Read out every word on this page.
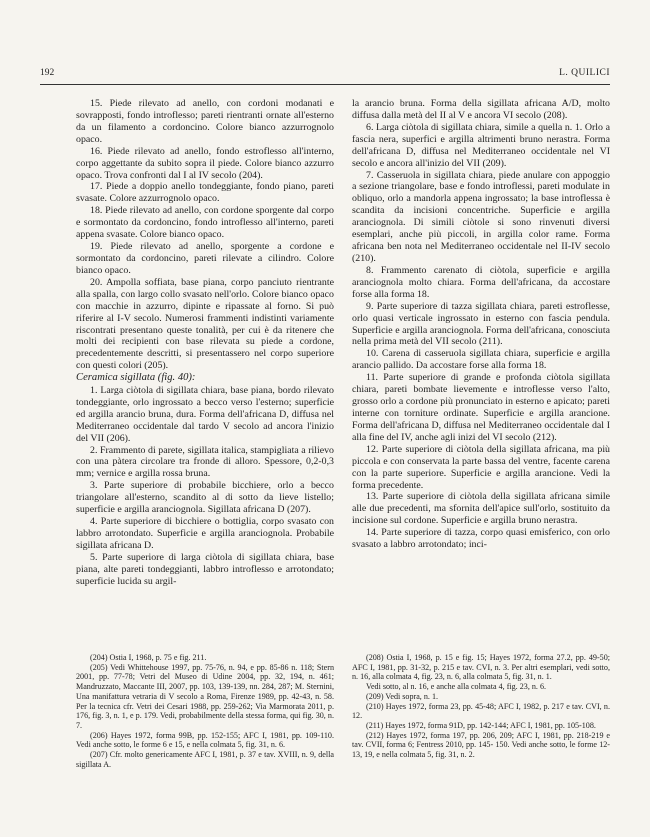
192	L. QUILICI

15. Piede rilevato ad anello, con cordoni modanati e sovrapposti, fondo introflesso; pareti rientranti ornate all'esterno da un filamento a cordoncino. Colore bianco azzurrognolo opaco.

16. Piede rilevato ad anello, fondo estroflesso all'interno, corpo aggettante da subito sopra il piede. Colore bianco azzurro opaco. Trova confronti dal I al IV secolo (204).

17. Piede a doppio anello tondeggiante, fondo piano, pareti svasate. Colore azzurrognolo opaco.

18. Piede rilevato ad anello, con cordone sporgente dal corpo e sormontato da cordoncino, fondo introflesso all'interno, pareti appena svasate. Colore bianco opaco.

19. Piede rilevato ad anello, sporgente a cordone e sormontato da cordoncino, pareti rilevate a cilindro. Colore bianco opaco.

20. Ampolla soffiata, base piana, corpo panciuto rientrante alla spalla, con largo collo svasato nell'orlo. Colore bianco opaco con macchie in azzurro, dipinte e ripassate al forno. Si può riferire al I-V secolo. Numerosi frammenti indistinti variamente riscontrati presentano queste tonalità, per cui è da ritenere che molti dei recipienti con base rilevata su piede a cordone, precedentemente descritti, si presentassero nel corpo superiore con questi colori (205).

Ceramica sigillata (fig. 40):

1. Larga ciòtola di sigillata chiara, base piana, bordo rilevato tondeggiante, orlo ingrossato a becco verso l'esterno; superficie ed argilla arancio bruna, dura. Forma dell'africana D, diffusa nel Mediterraneo occidentale dal tardo V secolo ad ancora l'inizio del VII (206).

2. Frammento di parete, sigillata italica, stampigliata a rilievo con una pàtera circolare tra fronde di alloro. Spessore, 0,2-0,3 mm; vernice e argilla rossa bruna.

3. Parte superiore di probabile bicchiere, orlo a becco triangolare all'esterno, scandito al di sotto da lieve listello; superficie e argilla aranciognola. Sigillata africana D (207).

4. Parte superiore di bicchiere o bottiglia, corpo svasato con labbro arrotondato. Superficie e argilla aranciognola. Probabile sigillata africana D.

5. Parte superiore di larga ciòtola di sigillata chiara, base piana, alte pareti tondeggianti, labbro introflesso e arrotondato; superficie lucida su argil-

la arancio bruna. Forma della sigillata africana A/D, molto diffusa dalla metà del II al V e ancora VI secolo (208).

6. Larga ciòtola di sigillata chiara, simile a quella n. 1. Orlo a fascia nera, superfici e argilla altrimenti bruno nerastra. Forma dell'africana D, diffusa nel Mediterraneo occidentale nel VI secolo e ancora all'inizio del VII (209).

7. Casseruola in sigillata chiara, piede anulare con appoggio a sezione triangolare, base e fondo introflessi, pareti modulate in obliquo, orlo a mandorla appena ingrossato; la base introflessa è scandita da incisioni concentriche. Superficie e argilla aranciognola. Di simili ciòtole si sono rinvenuti diversi esemplari, anche più piccoli, in argilla color rame. Forma africana ben nota nel Mediterraneo occidentale nel II-IV secolo (210).

8. Frammento carenato di ciòtola, superficie e argilla aranciognola molto chiara. Forma dell'africana, da accostare forse alla forma 18.

9. Parte superiore di tazza sigillata chiara, pareti estroflesse, orlo quasi verticale ingrossato in esterno con fascia pendula. Superficie e argilla aranciognola. Forma dell'africana, conosciuta nella prima metà del VII secolo (211).

10. Carena di casseruola sigillata chiara, superficie e argilla arancio pallido. Da accostare forse alla forma 18.

11. Parte superiore di grande e profonda ciòtola sigillata chiara, pareti bombate lievemente e introflesse verso l'alto, grosso orlo a cordone più pronunciato in esterno e apicato; pareti interne con torniture ordinate. Superficie e argilla arancione. Forma dell'africana D, diffusa nel Mediterraneo occidentale dal I alla fine del IV, anche agli inizi del VI secolo (212).

12. Parte superiore di ciòtola della sigillata africana, ma più piccola e con conservata la parte bassa del ventre, facente carena con la parte superiore. Superficie e argilla arancione. Vedi la forma precedente.

13. Parte superiore di ciòtola della sigillata africana simile alle due precedenti, ma sfornita dell'apice sull'orlo, sostituito da incisione sul cordone. Superficie e argilla bruno nerastra.

14. Parte superiore di tazza, corpo quasi emisferico, con orlo svasato a labbro arrotondato; inci-

(204) Ostia I, 1968, p. 75 e fig. 211.

(205) Vedi Whittehouse 1997, pp. 75-76, n. 94, e pp. 85-86 n. 118; Stern 2001, pp. 77-78; Vetri del Museo di Udine 2004, pp. 32, 194, n. 461; Mandruzzato, Maccante III, 2007, pp. 103, 139-139, nn. 284, 287; M. Sternini, Una manifattura vetraria di V secolo a Roma, Firenze 1989, pp. 42-43, n. 58. Per la tecnica cfr. Vetri dei Cesari 1988, pp. 259-262; Via Marmorata 2011, p. 176, fig. 3, n. 1, e p. 179. Vedi, probabilmente della stessa forma, qui fig. 30, n. 7.

(206) Hayes 1972, forma 99B, pp. 152-155; AFC I, 1981, pp. 109-110. Vedi anche sotto, le forme 6 e 15, e nella colmata 5, fig. 31, n. 6.

(207) Cfr. molto genericamente AFC I, 1981, p. 37 e tav. XVIII, n. 9, della sigillata A.

(208) Ostia I, 1968, p. 15 e fig. 15; Hayes 1972, forma 27.2, pp. 49-50; AFC I, 1981, pp. 31-32, p. 215 e tav. CVI, n. 3. Per altri esemplari, vedi sotto, n. 16, alla colmata 4, fig. 23, n. 6, alla colmata 5, fig. 31, n. 1.

Vedi sotto, al n. 16, e anche alla colmata 4, fig. 23, n. 6.

(209) Vedi sopra, n. 1.

(210) Hayes 1972, forma 23, pp. 45-48; AFC I, 1982, p. 217 e tav. CVI, n. 12.

(211) Hayes 1972, forma 91D, pp. 142-144; AFC I, 1981, pp. 105-108.

(212) Hayes 1972, forma 197, pp. 206, 209; AFC I, 1981, pp. 218-219 e tav. CVII, forma 6; Fentress 2010, pp. 145- 150. Vedi anche sotto, le forme 12-13, 19, e nella colmata 5, fig. 31, n. 2.
